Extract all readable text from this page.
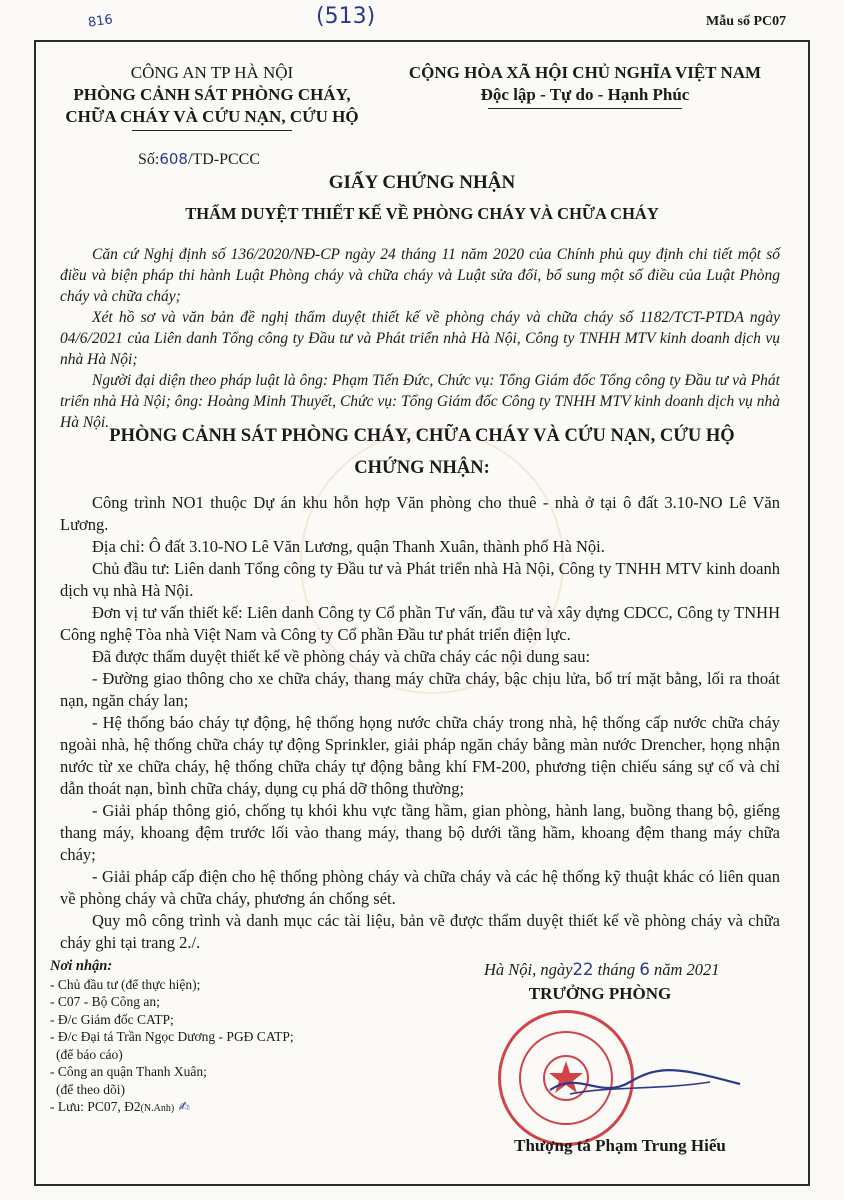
816	(513)	Mẫu số PC07
CÔNG AN TP HÀ NỘI
PHÒNG CẢNH SÁT PHÒNG CHÁY,
CHỮA CHÁY VÀ CỨU NẠN, CỨU HỘ
CỘNG HÒA XÃ HỘI CHỦ NGHĨA VIỆT NAM
Độc lập - Tự do - Hạnh Phúc
Số:608/TD-PCCC
GIẤY CHỨNG NHẬN
THẨM DUYỆT THIẾT KẾ VỀ PHÒNG CHÁY VÀ CHỮA CHÁY

Căn cứ Nghị định số 136/2020/NĐ-CP ngày 24 tháng 11 năm 2020 của Chính phủ quy định chi tiết một số điều và biện pháp thi hành Luật Phòng cháy và chữa cháy và Luật sửa đổi, bổ sung một số điều của Luật Phòng cháy và chữa cháy;

Xét hồ sơ và văn bản đề nghị thẩm duyệt thiết kế về phòng cháy và chữa cháy số 1182/TCT-PTDA ngày 04/6/2021 của Liên danh Tổng công ty Đầu tư và Phát triển nhà Hà Nội, Công ty TNHH MTV kinh doanh dịch vụ nhà Hà Nội;

Người đại diện theo pháp luật là ông: Phạm Tiến Đức, Chức vụ: Tổng Giám đốc Tổng công ty Đầu tư và Phát triển nhà Hà Nội; ông: Hoàng Minh Thuyết, Chức vụ: Tổng Giám đốc Công ty TNHH MTV kinh doanh dịch vụ nhà Hà Nội.

PHÒNG CẢNH SÁT PHÒNG CHÁY, CHỮA CHÁY VÀ CỨU NẠN, CỨU HỘ
CHỨNG NHẬN:

Công trình NO1 thuộc Dự án khu hỗn hợp Văn phòng cho thuê - nhà ở tại ô đất 3.10-NO Lê Văn Lương.

Địa chỉ: Ô đất 3.10-NO Lê Văn Lương, quận Thanh Xuân, thành phố Hà Nội.

Chủ đầu tư: Liên danh Tổng công ty Đầu tư và Phát triển nhà Hà Nội, Công ty TNHH MTV kinh doanh dịch vụ nhà Hà Nội.

Đơn vị tư vấn thiết kế: Liên danh Công ty Cổ phần Tư vấn, đầu tư và xây dựng CDCC, Công ty TNHH Công nghệ Tòa nhà Việt Nam và Công ty Cổ phần Đầu tư phát triển điện lực.

Đã được thẩm duyệt thiết kế về phòng cháy và chữa cháy các nội dung sau:

- Đường giao thông cho xe chữa cháy, thang máy chữa cháy, bậc chịu lửa, bố trí mặt bằng, lối ra thoát nạn, ngăn cháy lan;

- Hệ thống báo cháy tự động, hệ thống họng nước chữa cháy trong nhà, hệ thống cấp nước chữa cháy ngoài nhà, hệ thống chữa cháy tự động Sprinkler, giải pháp ngăn cháy bằng màn nước Drencher, họng nhận nước từ xe chữa cháy, hệ thống chữa cháy tự động bằng khí FM-200, phương tiện chiếu sáng sự cố và chỉ dẫn thoát nạn, bình chữa cháy, dụng cụ phá dỡ thông thường;

- Giải pháp thông gió, chống tụ khói khu vực tầng hầm, gian phòng, hành lang, buồng thang bộ, giếng thang máy, khoang đệm trước lối vào thang máy, thang bộ dưới tầng hầm, khoang đệm thang máy chữa cháy;

- Giải pháp cấp điện cho hệ thống phòng cháy và chữa cháy và các hệ thống kỹ thuật khác có liên quan về phòng cháy và chữa cháy, phương án chống sét.

Quy mô công trình và danh mục các tài liệu, bản vẽ được thẩm duyệt thiết kế về phòng cháy và chữa cháy ghi tại trang 2./.

Nơi nhận:
- Chủ đầu tư (để thực hiện);
- C07 - Bộ Công an;
- Đ/c Giám đốc CATP;
- Đ/c Đại tá Trần Ngọc Dương - PGĐ CATP;
(để báo cáo)
- Công an quận Thanh Xuân;
(để theo dõi)
- Lưu: PC07, Đ2(N.Anh) ✍
Hà Nội, ngày22 tháng 6 năm 2021
TRƯỞNG PHÒNG
Thượng tá Phạm Trung Hiếu
